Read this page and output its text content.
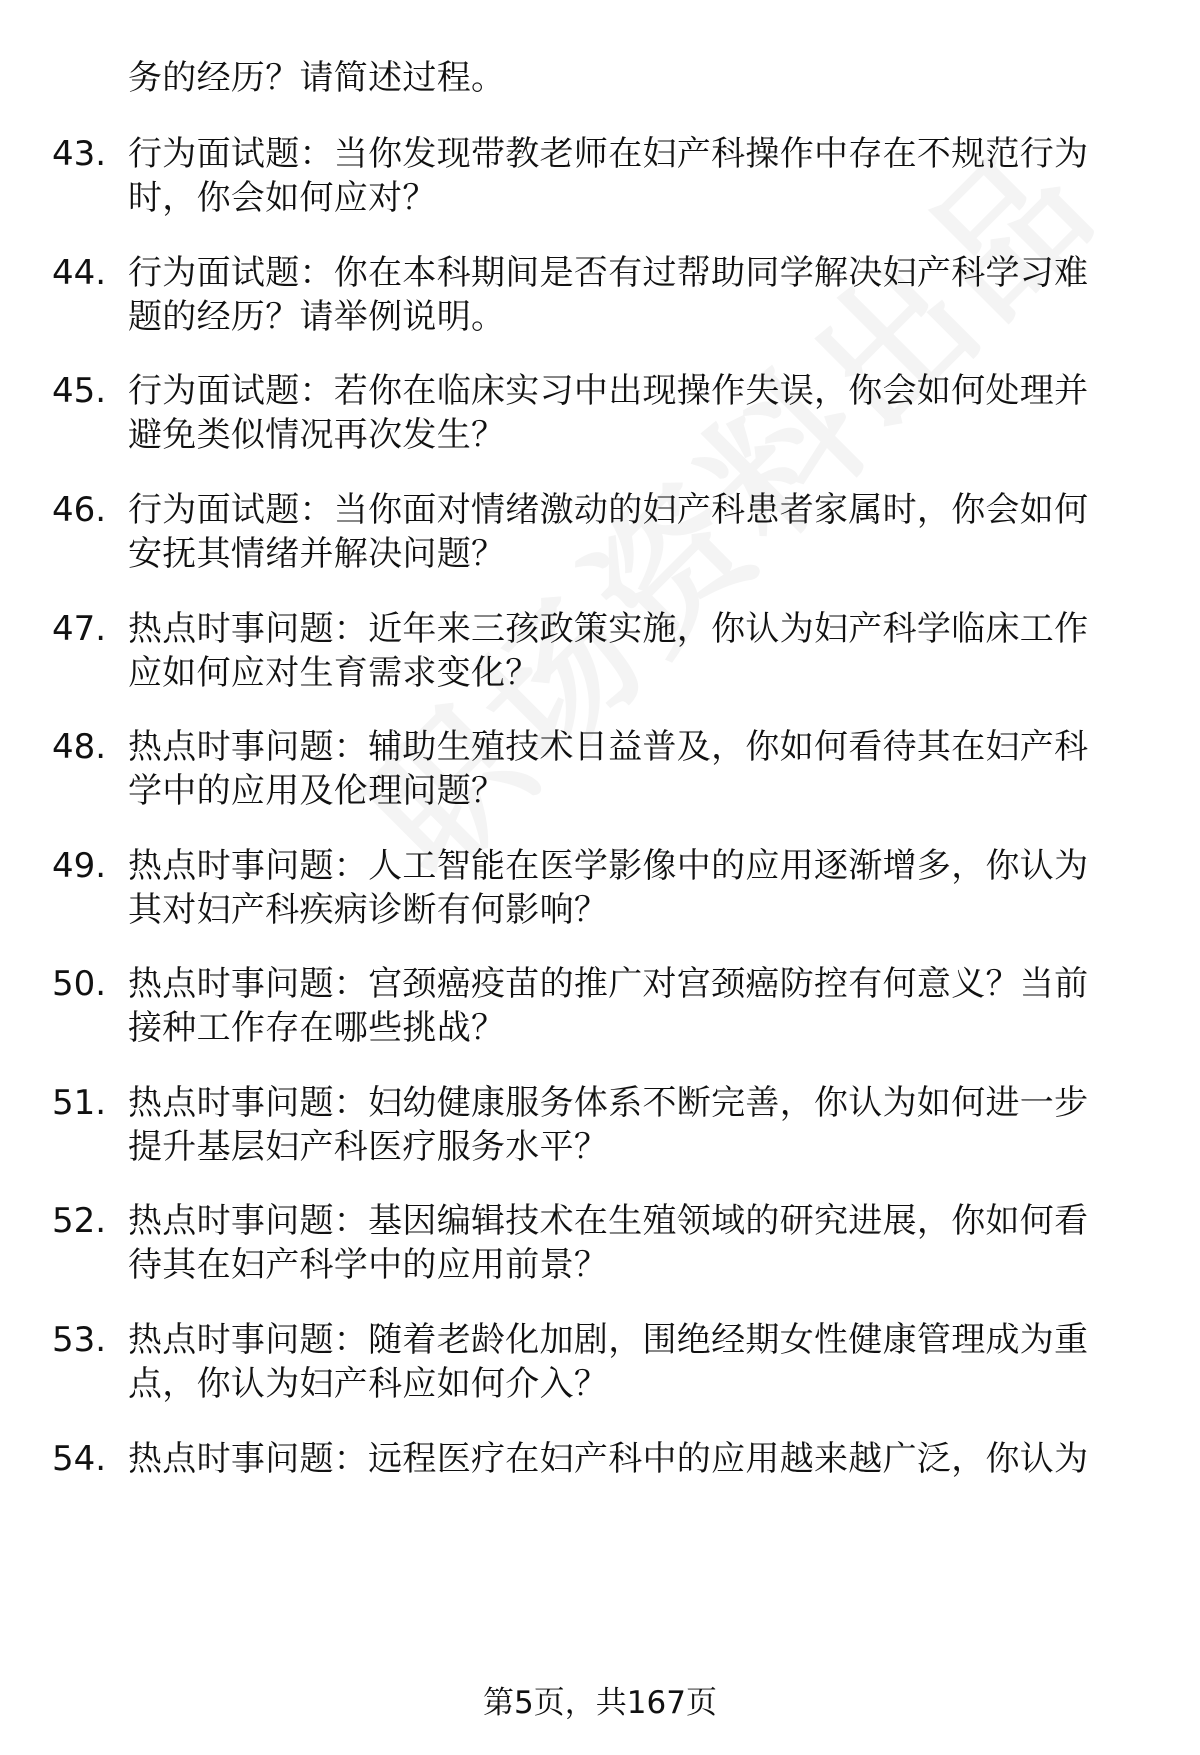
务的经历？请简述过程。
43. 行为面试题：当你发现带教老师在妇产科操作中存在不规范行为
时，你会如何应对？
44. 行为面试题：你在本科期间是否有过帮助同学解决妇产科学习难
题的经历？请举例说明。
45. 行为面试题：若你在临床实习中出现操作失误，你会如何处理并
避免类似情况再次发生？
46. 行为面试题：当你面对情绪激动的妇产科患者家属时，你会如何
安抚其情绪并解决问题？
47. 热点时事问题：近年来三孩政策实施，你认为妇产科学临床工作
应如何应对生育需求变化？
48. 热点时事问题：辅助生殖技术日益普及，你如何看待其在妇产科
学中的应用及伦理问题？
49. 热点时事问题：人工智能在医学影像中的应用逐渐增多，你认为
其对妇产科疾病诊断有何影响？
50. 热点时事问题：宫颈癌疫苗的推广对宫颈癌防控有何意义？当前
接种工作存在哪些挑战？
51. 热点时事问题：妇幼健康服务体系不断完善，你认为如何进一步
提升基层妇产科医疗服务水平？
52. 热点时事问题：基因编辑技术在生殖领域的研究进展，你如何看
待其在妇产科学中的应用前景？
53. 热点时事问题：随着老龄化加剧，围绝经期女性健康管理成为重
点，你认为妇产科应如何介入？
54. 热点时事问题：远程医疗在妇产科中的应用越来越广泛，你认为
第5页，共167页
